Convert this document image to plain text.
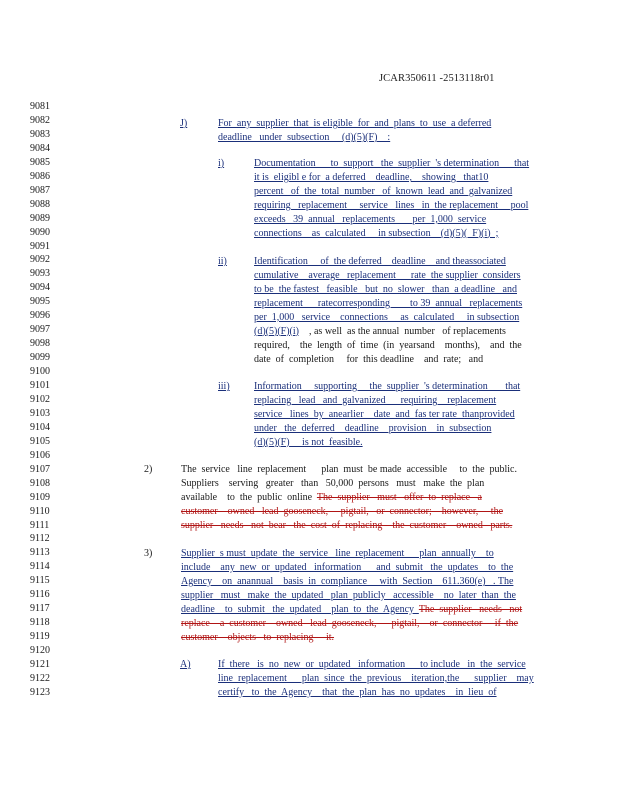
JCAR350611 -2513118r01
9081
9082
9083
9084
9085
9086
9087
9088
9089
9090
9091
9092
9093
9094
9095
9096
9097
9098
9099
9100
9101
9102
9103
9104
9105
9106
9107
9108
9109
9110
9111
9112
9113
9114
9115
9116
9117
9118
9119
9120
9121
9122
9123
J)	For  any  supplier  that  is eligible  for  and  plans  to  use  a deferred
deadline   under  subsection     (d)(5)(F)    :
i)	Documentation      to  support   the  supplier  's determination      that
it is  eligibl e for  a deferred    deadline,    showing   that10
percent   of  the  total  number   of  known  lead  and  galvanized
requiring   replacement     service   lines   in  the replacement     pool
exceeds   39  annual   replacements       per  1,000  service
connections    as  calculated     in subsection    (d)(5)(  F)(i)  ;
ii)	Identification     of  the deferred    deadline    and theassociated
cumulative    average   replacement      rate  the supplier  considers
to be  the fastest   feasible   but  no  slower   than  a deadline   and
replacement      ratecorresponding        to 39  annual   replacements
per  1,000   service    connections     as  calculated     in subsection
(d)(5)(F)(i)    , as well  as the annual  number   of replacements
required,    the  length  of  time  (in  yearsand    months),    and  the
date  of  completion     for  this deadline    and  rate;   and
iii) Information     supporting     the  supplier  's determination       that
replacing   lead   and  galvanized      requiring    replacement
service   lines  by  anearlier    date  and  fas ter rate  thanprovided
under   the  deferred    deadline    provision    in  subsection
(d)(5)(F)     is not  feasible.
2)	The  service   line  replacement      plan  must  be made  accessible     to  the  public.
Suppliers    serving   greater   than   50,000  persons   must   make  the  plan
available    to  the  public  online  The  supplier   must   offer  to  replace   a
customer    owned   lead  gooseneck,     pigtail,   or  connector;    however,     the
supplier   needs   not  bear   the  cost  of  replacing    the  customer    owned   parts.
3)	Supplier  s must  update  the  service   line  replacement      plan  annually    to
include    any  new  or  updated   information      and  submit   the  updates    to  the
Agency    on  anannual    basis  in  compliance     with  Section    611.360(e)   . The
supplier   must   make  the  updated   plan  publicly   accessible    no  later  than  the
deadline    to  submit   the  updated    plan  to  the  Agency  The  supplier   needs   not
replace    a  customer    owned   lead  gooseneck,      pigtail,    or  connector     if  the
customer    objects   to  replacing     it.
A)	If  there   is  no  new  or  updated   information      to include   in  the  service
line  replacement      plan  since  the  previous    iteration,the      supplier    may
certify   to  the  Agency    that  the  plan  has  no  updates    in  lieu  of
